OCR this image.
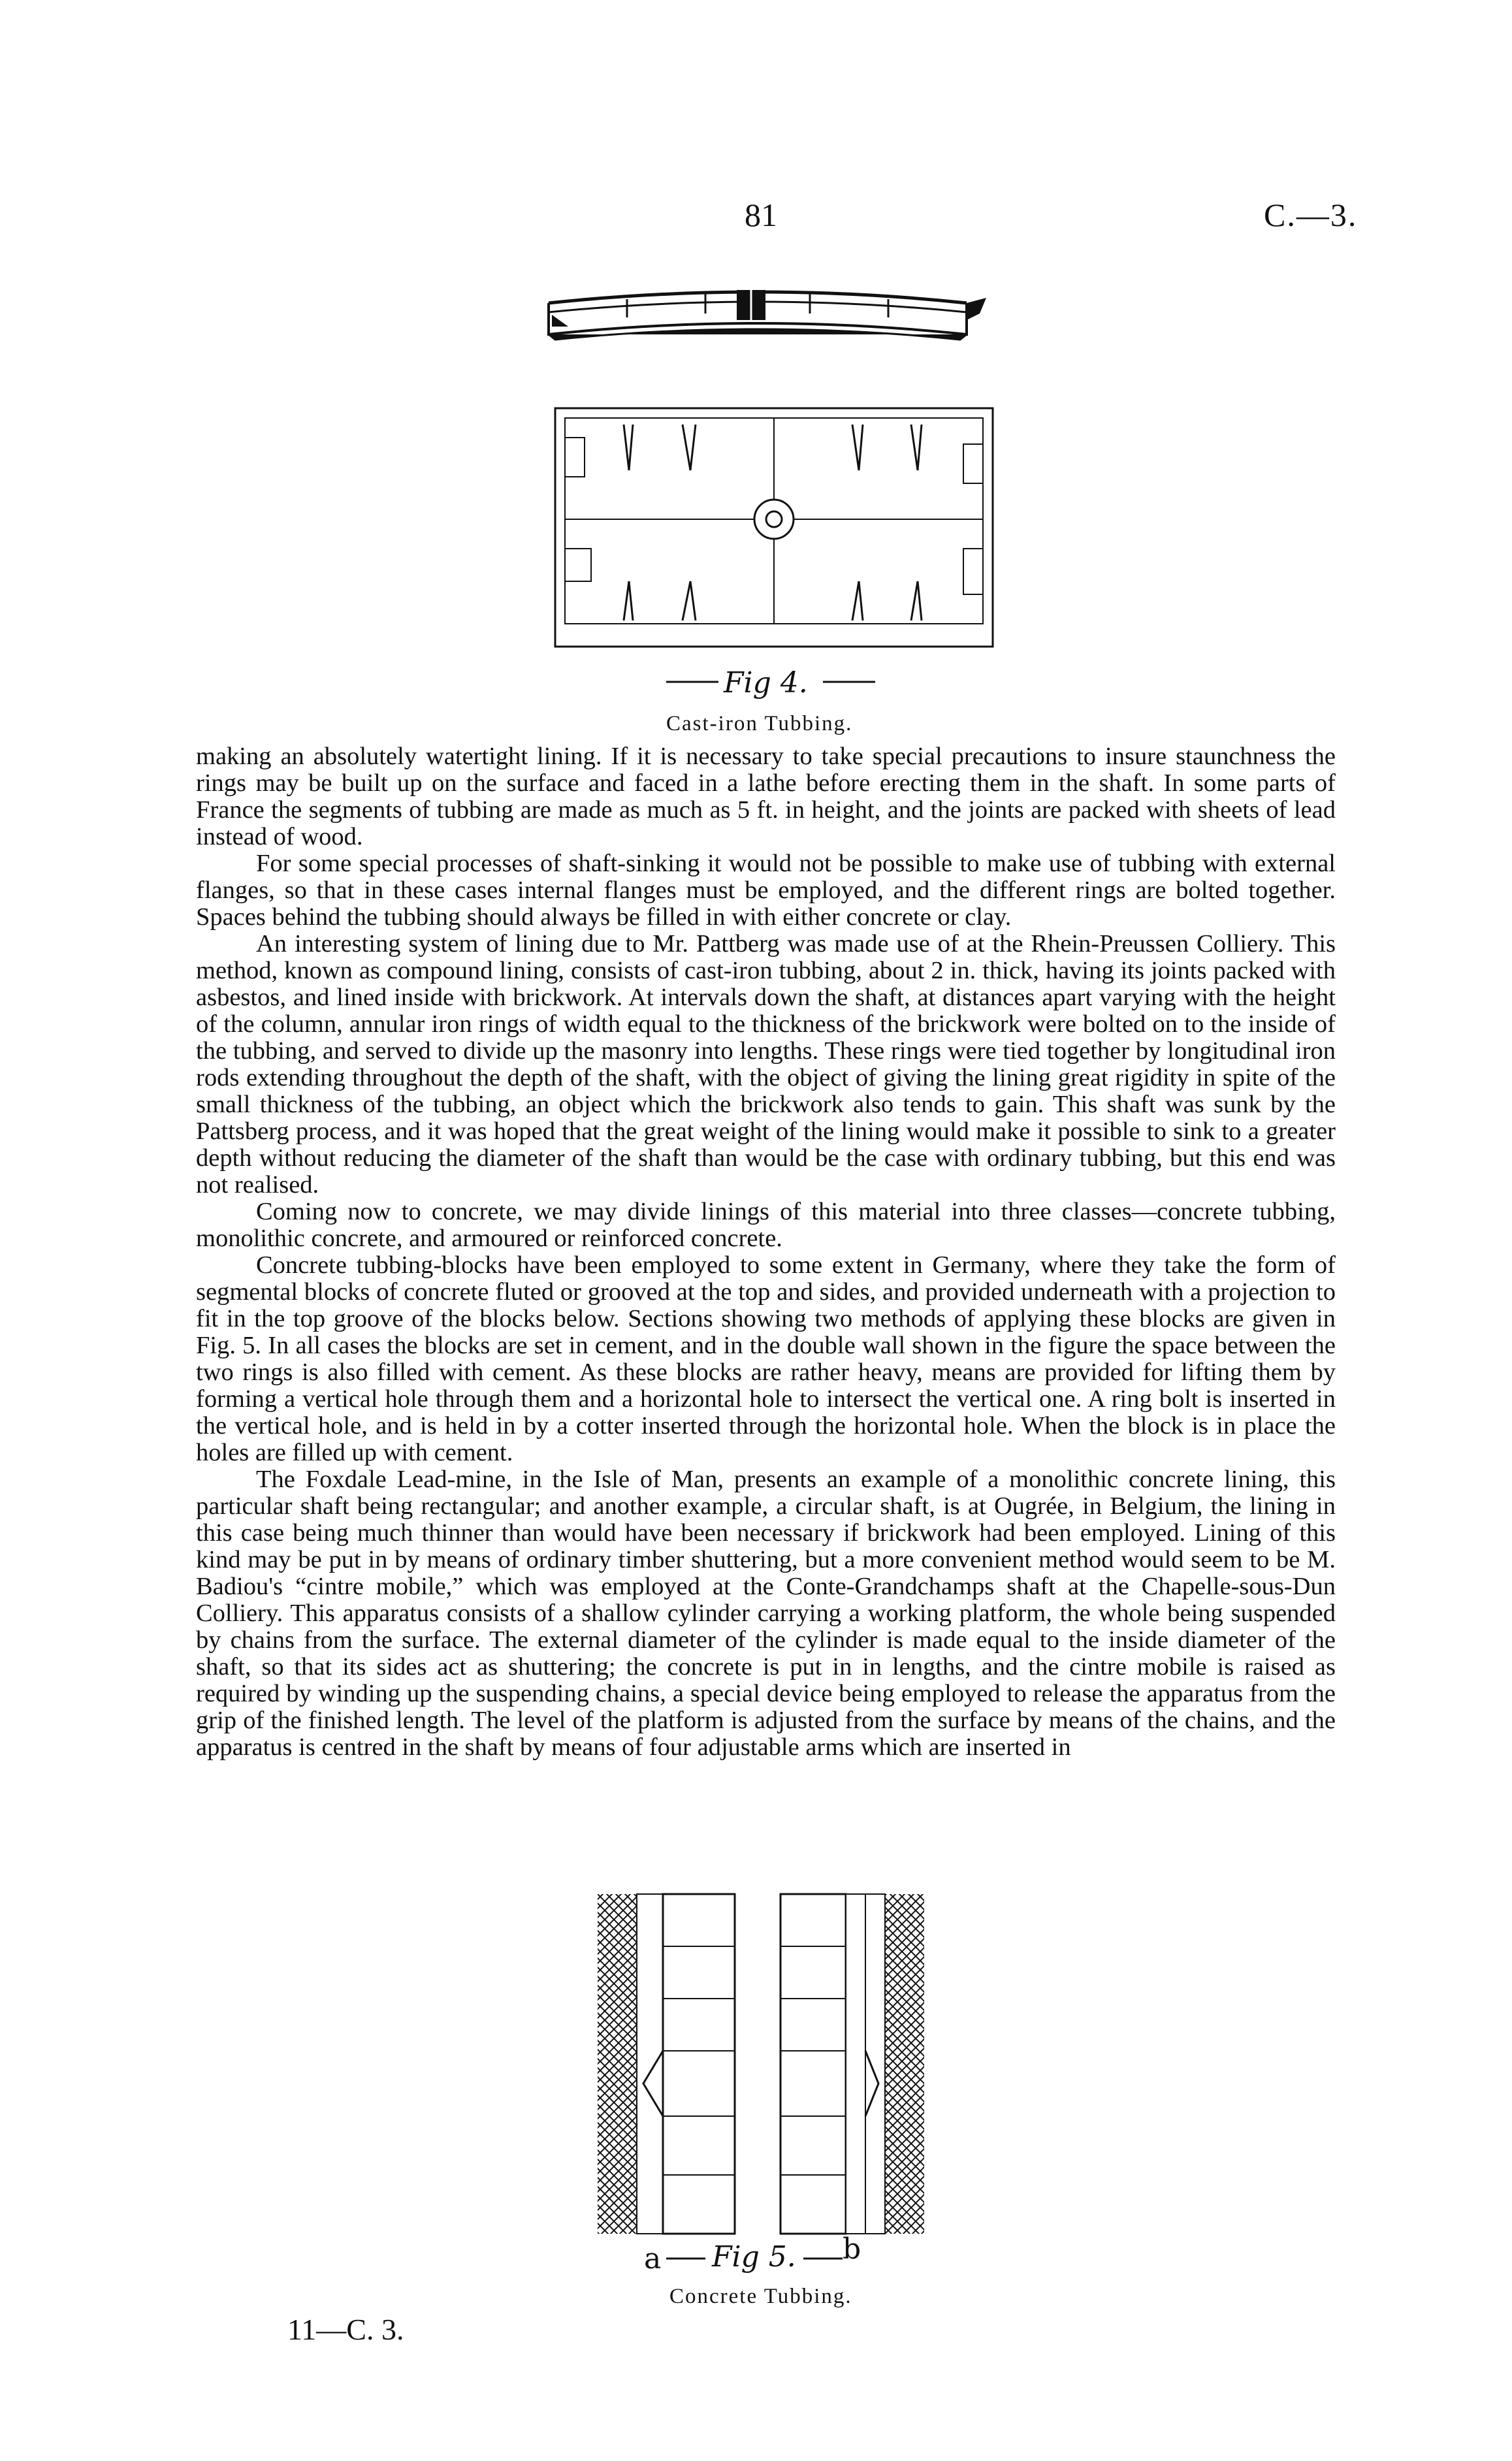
81	C.—3.
Fig 4.
Cast-iron Tubbing.

making an absolutely watertight lining. If it is necessary to take special precautions to insure staunchness the rings may be built up on the surface and faced in a lathe before erecting them in the shaft. In some parts of France the segments of tubbing are made as much as 5 ft. in height, and the joints are packed with sheets of lead instead of wood.

For some special processes of shaft-sinking it would not be possible to make use of tubbing with external flanges, so that in these cases internal flanges must be employed, and the different rings are bolted together. Spaces behind the tubbing should always be filled in with either concrete or clay.

An interesting system of lining due to Mr. Pattberg was made use of at the Rhein-Preussen Colliery. This method, known as compound lining, consists of cast-iron tubbing, about 2 in. thick, having its joints packed with asbestos, and lined inside with brickwork. At intervals down the shaft, at distances apart varying with the height of the column, annular iron rings of width equal to the thickness of the brickwork were bolted on to the inside of the tubbing, and served to divide up the masonry into lengths. These rings were tied together by longitudinal iron rods extending throughout the depth of the shaft, with the object of giving the lining great rigidity in spite of the small thickness of the tubbing, an object which the brickwork also tends to gain. This shaft was sunk by the Pattsberg process, and it was hoped that the great weight of the lining would make it possible to sink to a greater depth without reducing the diameter of the shaft than would be the case with ordinary tubbing, but this end was not realised.

Coming now to concrete, we may divide linings of this material into three classes—concrete tubbing, monolithic concrete, and armoured or reinforced concrete.

Concrete tubbing-blocks have been employed to some extent in Germany, where they take the form of segmental blocks of concrete fluted or grooved at the top and sides, and provided underneath with a projection to fit in the top groove of the blocks below. Sections showing two methods of applying these blocks are given in Fig. 5. In all cases the blocks are set in cement, and in the double wall shown in the figure the space between the two rings is also filled with cement. As these blocks are rather heavy, means are provided for lifting them by forming a vertical hole through them and a horizontal hole to intersect the vertical one. A ring bolt is inserted in the vertical hole, and is held in by a cotter inserted through the horizontal hole. When the block is in place the holes are filled up with cement.

The Foxdale Lead-mine, in the Isle of Man, presents an example of a monolithic concrete lining, this particular shaft being rectangular; and another example, a circular shaft, is at Ougrée, in Belgium, the lining in this case being much thinner than would have been necessary if brickwork had been employed. Lining of this kind may be put in by means of ordinary timber shuttering, but a more convenient method would seem to be M. Badiou's “cintre mobile,” which was employed at the Conte-Grandchamps shaft at the Chapelle-sous-Dun Colliery. This apparatus consists of a shallow cylinder carrying a working platform, the whole being suspended by chains from the surface. The external diameter of the cylinder is made equal to the inside diameter of the shaft, so that its sides act as shuttering; the concrete is put in in lengths, and the cintre mobile is raised as required by winding up the suspending chains, a special device being employed to release the apparatus from the grip of the finished length. The level of the platform is adjusted from the surface by means of the chains, and the apparatus is centred in the shaft by means of four adjustable arms which are inserted in

a Fig 5. b
Concrete Tubbing.
11—C. 3.
